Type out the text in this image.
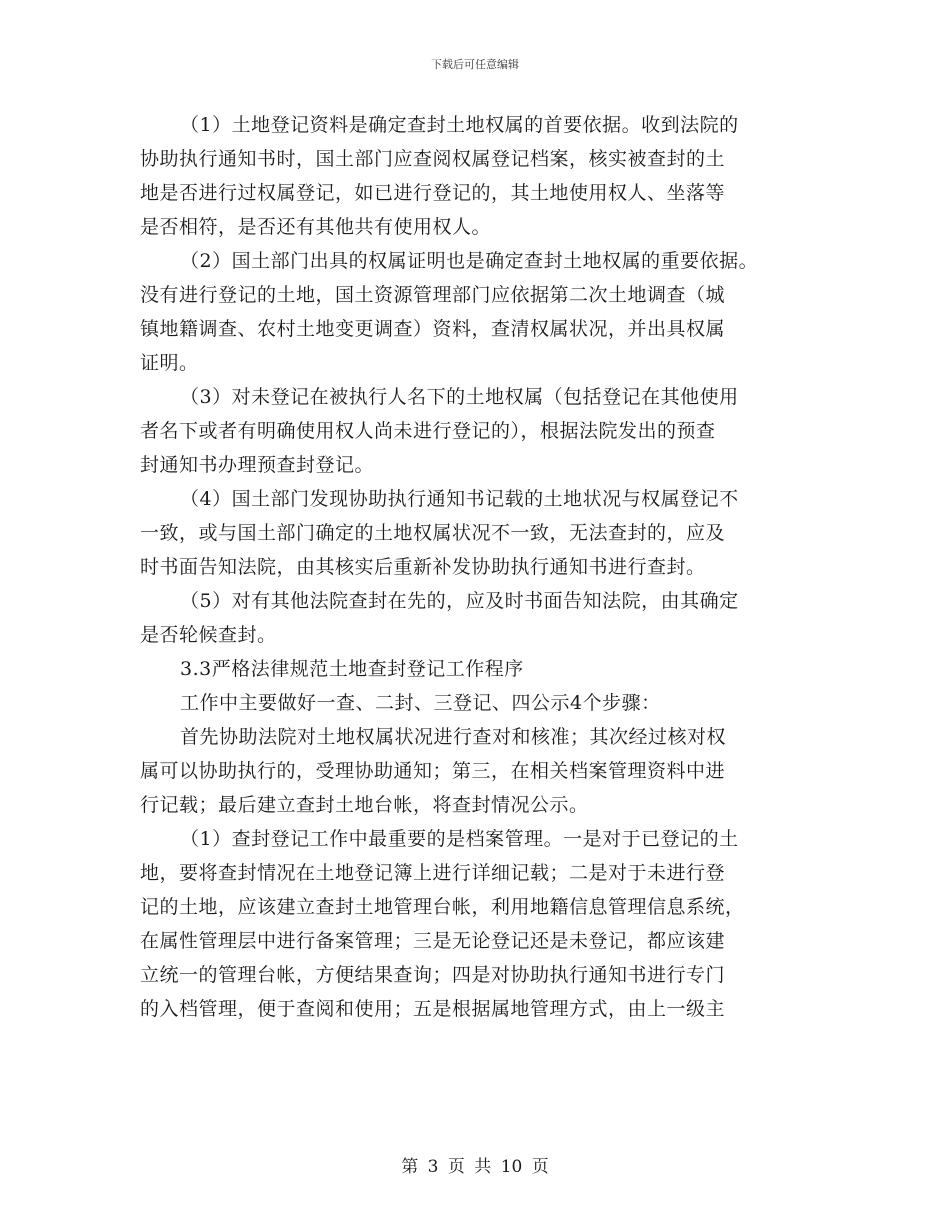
下载后可任意编辑
（1）土地登记资料是确定查封土地权属的首要依据。收到法院的
协助执行通知书时，国土部门应查阅权属登记档案，核实被查封的土
地是否进行过权属登记，如已进行登记的，其土地使用权人、坐落等
是否相符，是否还有其他共有使用权人。
（2）国土部门出具的权属证明也是确定查封土地权属的重要依据。
没有进行登记的土地，国土资源管理部门应依据第二次土地调查（城
镇地籍调查、农村土地变更调查）资料，查清权属状况，并出具权属
证明。
（3）对未登记在被执行人名下的土地权属（包括登记在其他使用
者名下或者有明确使用权人尚未进行登记的），根据法院发出的预查
封通知书办理预查封登记。
（4）国土部门发现协助执行通知书记载的土地状况与权属登记不
一致，或与国土部门确定的土地权属状况不一致，无法查封的，应及
时书面告知法院，由其核实后重新补发协助执行通知书进行查封。
（5）对有其他法院查封在先的，应及时书面告知法院，由其确定
是否轮候查封。
3.3严格法律规范土地查封登记工作程序
工作中主要做好一查、二封、三登记、四公示4个步骤：
首先协助法院对土地权属状况进行查对和核准；其次经过核对权
属可以协助执行的，受理协助通知；第三，在相关档案管理资料中进
行记载；最后建立查封土地台帐，将查封情况公示。
（1）查封登记工作中最重要的是档案管理。一是对于已登记的土
地，要将查封情况在土地登记簿上进行详细记载；二是对于未进行登
记的土地，应该建立查封土地管理台帐，利用地籍信息管理信息系统，
在属性管理层中进行备案管理；三是无论登记还是未登记，都应该建
立统一的管理台帐，方便结果查询；四是对协助执行通知书进行专门
的入档管理，便于查阅和使用；五是根据属地管理方式，由上一级主
第 3 页 共 10 页
